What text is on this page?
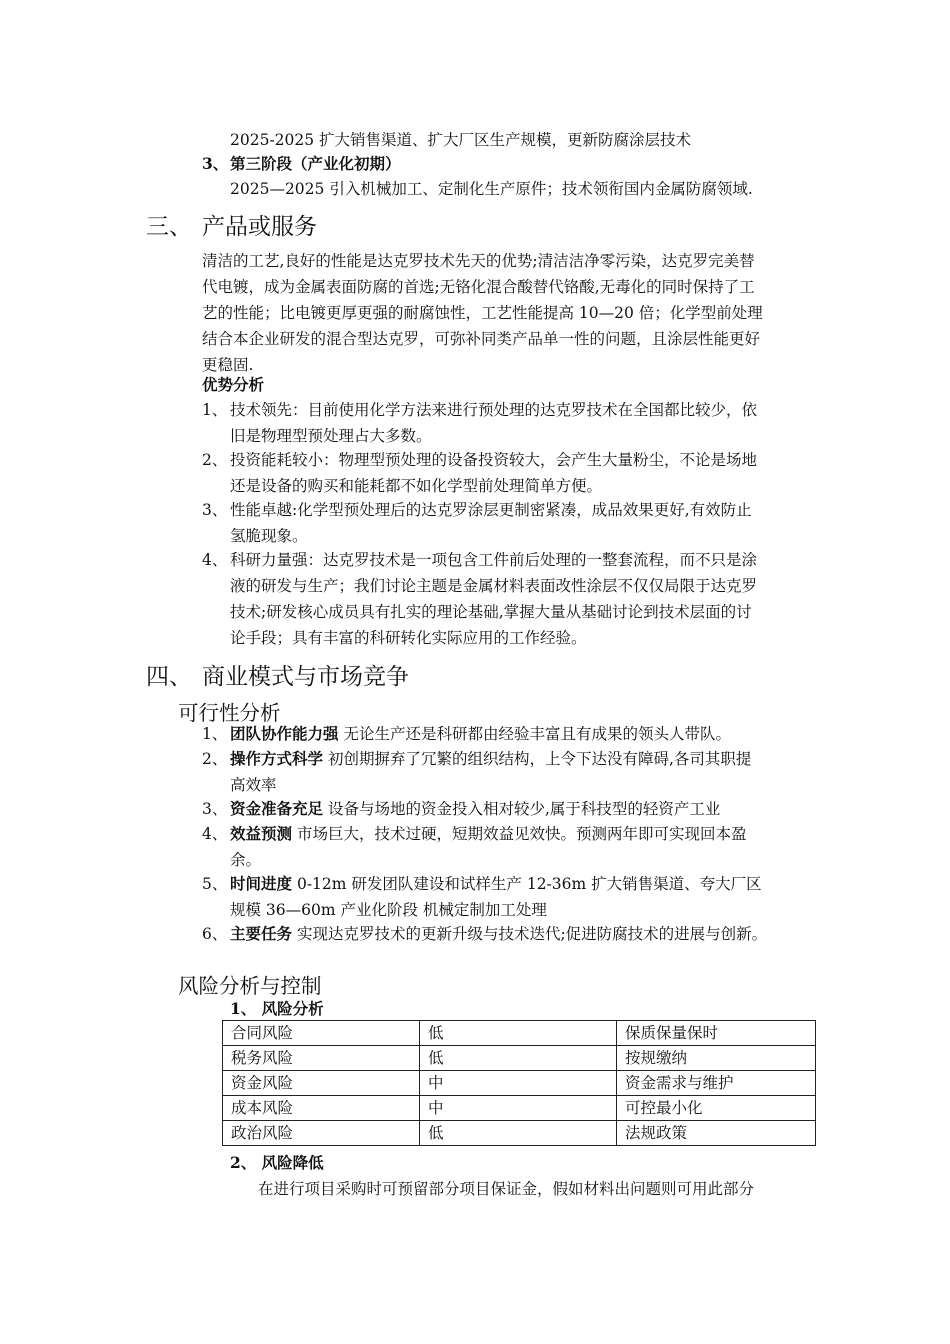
2025-2025 扩大销售渠道、扩大厂区生产规模，更新防腐涂层技术
3、 第三阶段（产业化初期）
2025—2025 引入机械加工、定制化生产原件；技术领衔国内金属防腐领域.
三、 产品或服务
清洁的工艺,良好的性能是达克罗技术先天的优势;清洁洁净零污染，达克罗完美替
代电镀，成为金属表面防腐的首选;无铬化混合酸替代铬酸,无毒化的同时保持了工
艺的性能；比电镀更厚更强的耐腐蚀性，工艺性能提高 10—20 倍；化学型前处理
结合本企业研发的混合型达克罗，可弥补同类产品单一性的问题，且涂层性能更好
更稳固.
优势分析
1、 技术领先：目前使用化学方法来进行预处理的达克罗技术在全国都比较少，依
旧是物理型预处理占大多数。
2、 投资能耗较小：物理型预处理的设备投资较大，会产生大量粉尘，不论是场地
还是设备的购买和能耗都不如化学型前处理简单方便。
3、 性能卓越:化学型预处理后的达克罗涂层更制密紧凑，成品效果更好,有效防止
氢脆现象。
4、 科研力量强：达克罗技术是一项包含工件前后处理的一整套流程，而不只是涂
液的研发与生产；我们讨论主题是金属材料表面改性涂层不仅仅局限于达克罗
技术;研发核心成员具有扎实的理论基础,掌握大量从基础讨论到技术层面的讨
论手段；具有丰富的科研转化实际应用的工作经验。
四、 商业模式与市场竞争
可行性分析
1、 团队协作能力强 无论生产还是科研都由经验丰富且有成果的领头人带队。
2、 操作方式科学 初创期摒弃了冗繁的组织结构，上令下达没有障碍,各司其职提
高效率
3、 资金准备充足 设备与场地的资金投入相对较少,属于科技型的轻资产工业
4、 效益预测 市场巨大，技术过硬，短期效益见效快。预测两年即可实现回本盈
余。
5、 时间进度 0-12m 研发团队建设和试样生产 12-36m 扩大销售渠道、夸大厂区
规模 36—60m 产业化阶段 机械定制加工处理
6、 主要任务 实现达克罗技术的更新升级与技术迭代;促进防腐技术的进展与创新。
风险分析与控制
1、 风险分析
合同风险	低	保质保量保时
税务风险	低	按规缴纳
资金风险	中	资金需求与维护
成本风险	中	可控最小化
政治风险	低	法规政策
2、 风险降低
在进行项目采购时可预留部分项目保证金，假如材料出问题则可用此部分
